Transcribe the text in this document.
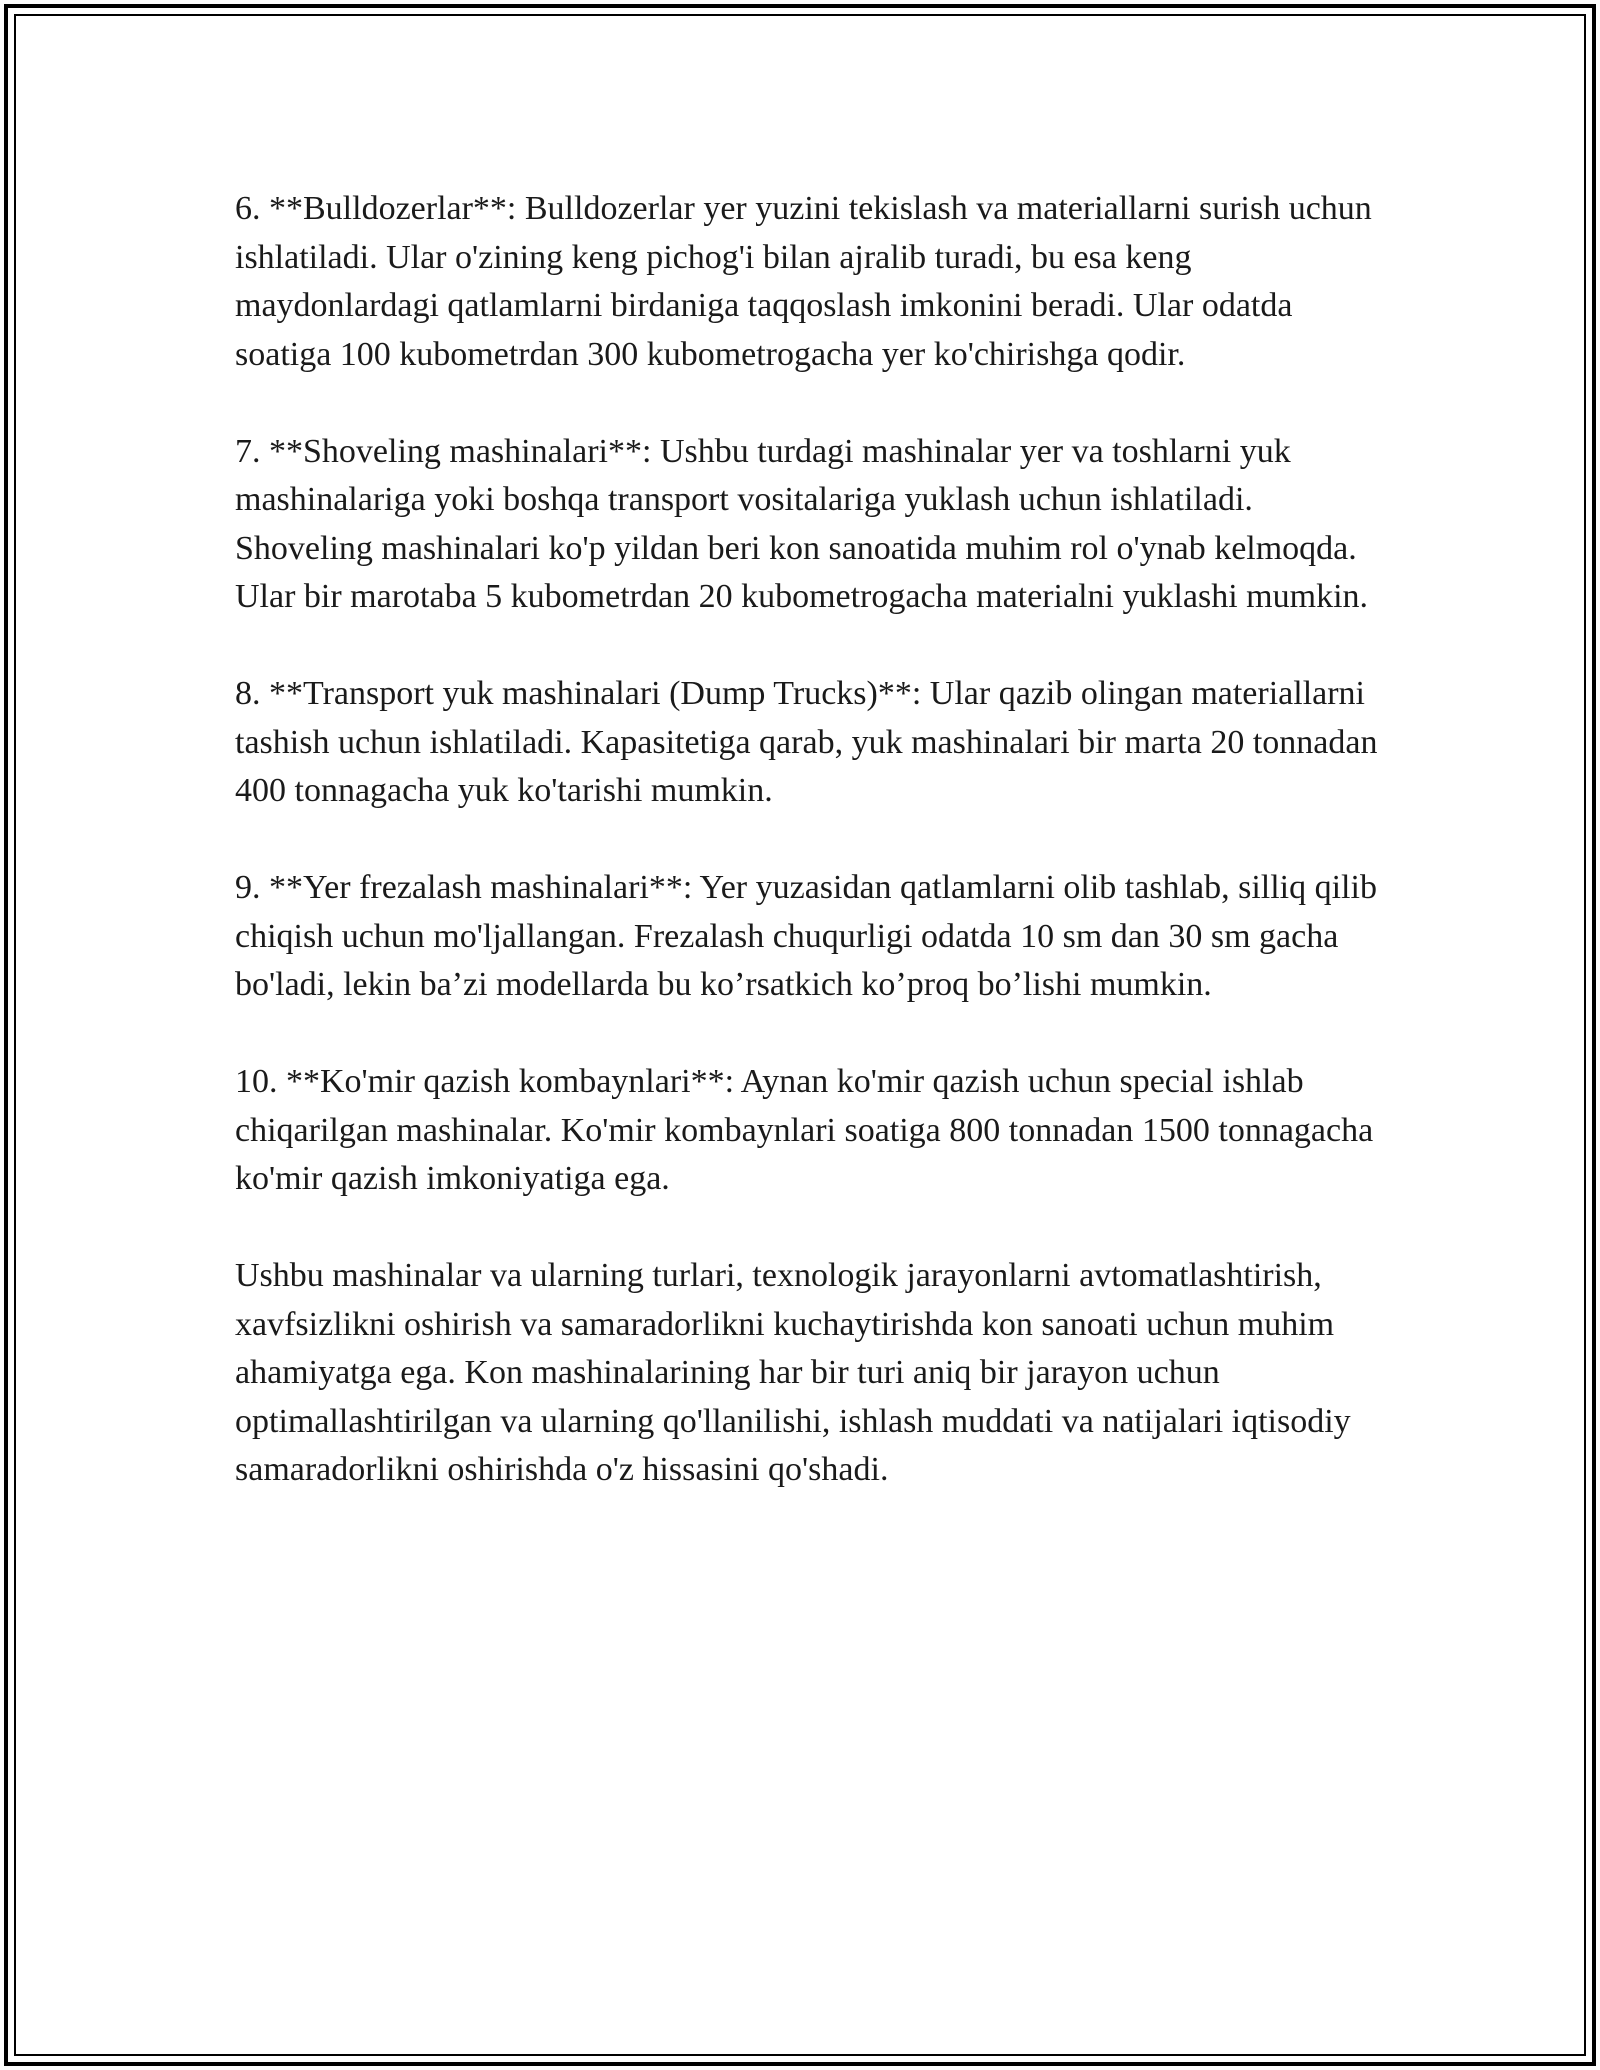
6. **Bulldozerlar**: Bulldozerlar yer yuzini tekislash va materiallarni surish uchun ishlatiladi. Ular o'zining keng pichog'i bilan ajralib turadi, bu esa keng maydonlardagi qatlamlarni birdaniga taqqoslash imkonini beradi. Ular odatda soatiga 100 kubometrdan 300 kubometrogacha yer ko'chirishga qodir.

7. **Shoveling mashinalari**: Ushbu turdagi mashinalar yer va toshlarni yuk mashinalariga yoki boshqa transport vositalariga yuklash uchun ishlatiladi. Shoveling mashinalari ko'p yildan beri kon sanoatida muhim rol o'ynab kelmoqda. Ular bir marotaba 5 kubometrdan 20 kubometrogacha materialni yuklashi mumkin.

8. **Transport yuk mashinalari (Dump Trucks)**: Ular qazib olingan materiallarni tashish uchun ishlatiladi. Kapasitetiga qarab, yuk mashinalari bir marta 20 tonnadan 400 tonnagacha yuk ko'tarishi mumkin.

9. **Yer frezalash mashinalari**: Yer yuzasidan qatlamlarni olib tashlab, silliq qilib chiqish uchun mo'ljallangan. Frezalash chuqurligi odatda 10 sm dan 30 sm gacha bo'ladi, lekin ba’zi modellarda bu ko’rsatkich ko’proq bo’lishi mumkin.

10. **Ko'mir qazish kombaynlari**: Aynan ko'mir qazish uchun special ishlab chiqarilgan mashinalar. Ko'mir kombaynlari soatiga 800 tonnadan 1500 tonnagacha ko'mir qazish imkoniyatiga ega.

Ushbu mashinalar va ularning turlari, texnologik jarayonlarni avtomatlashtirish, xavfsizlikni oshirish va samaradorlikni kuchaytirishda kon sanoati uchun muhim ahamiyatga ega. Kon mashinalarining har bir turi aniq bir jarayon uchun optimallashtirilgan va ularning qo'llanilishi, ishlash muddati va natijalari iqtisodiy samaradorlikni oshirishda o'z hissasini qo'shadi.
